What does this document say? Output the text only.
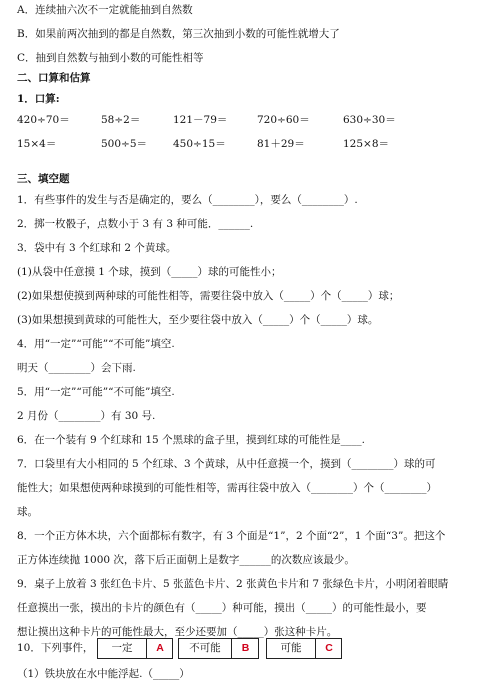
A．连续抽六次不一定就能抽到自然数
B．如果前两次抽到的都是自然数，第三次抽到小数的可能性就增大了
C．抽到自然数与抽到小数的可能性相等
二、口算和估算
1．口算:
420÷70＝	58÷2＝	121－79＝	720÷60＝	630÷30＝
15×4＝	500÷5＝ 450÷15＝	81＋29＝	125×8＝
三、填空题
1．有些事件的发生与否是确定的，要么（________），要么（________）.
2．掷一枚骰子，点数小于 3 有 3 种可能．______.
3．袋中有 3 个红球和 2 个黄球。
(1)从袋中任意摸 1 个球，摸到（_____）球的可能性小；
(2)如果想使摸到两种球的可能性相等，需要往袋中放入（_____）个（_____）球；
(3)如果想摸到黄球的可能性大，至少要往袋中放入（_____）个（_____）球。
4．用“一定”“可能”“不可能”填空.
明天（________）会下雨.
5．用“一定”“可能”“不可能”填空.
2 月份（________）有 30 号.
6．在一个装有 9 个红球和 15 个黑球的盒子里，摸到红球的可能性是____.
7．口袋里有大小相同的 5 个红球、3 个黄球，从中任意摸一个，摸到（________）球的可
能性大；如果想使两种球摸到的可能性相等，需再往袋中放入（________）个（________）
球。
8．一个正方体木块，六个面都标有数字，有 3 个面是“1”，2 个面“2”，1 个面“3”。把这个
正方体连续抛 1000 次，落下后正面朝上是数字______的次数应该最少。
9．桌子上放着 3 张红色卡片、5 张蓝色卡片、2 张黄色卡片和 7 张绿色卡片，小明闭着眼睛
任意摸出一张，摸出的卡片的颜色有（_____）种可能，摸出（_____）的可能性最小，要
想让摸出这种卡片的可能性最大，至少还要加（_____）张这种卡片。
10．下列事件，	一定	A	不可能	B	可能	C
（1）铁块放在水中能浮起.（_____）
